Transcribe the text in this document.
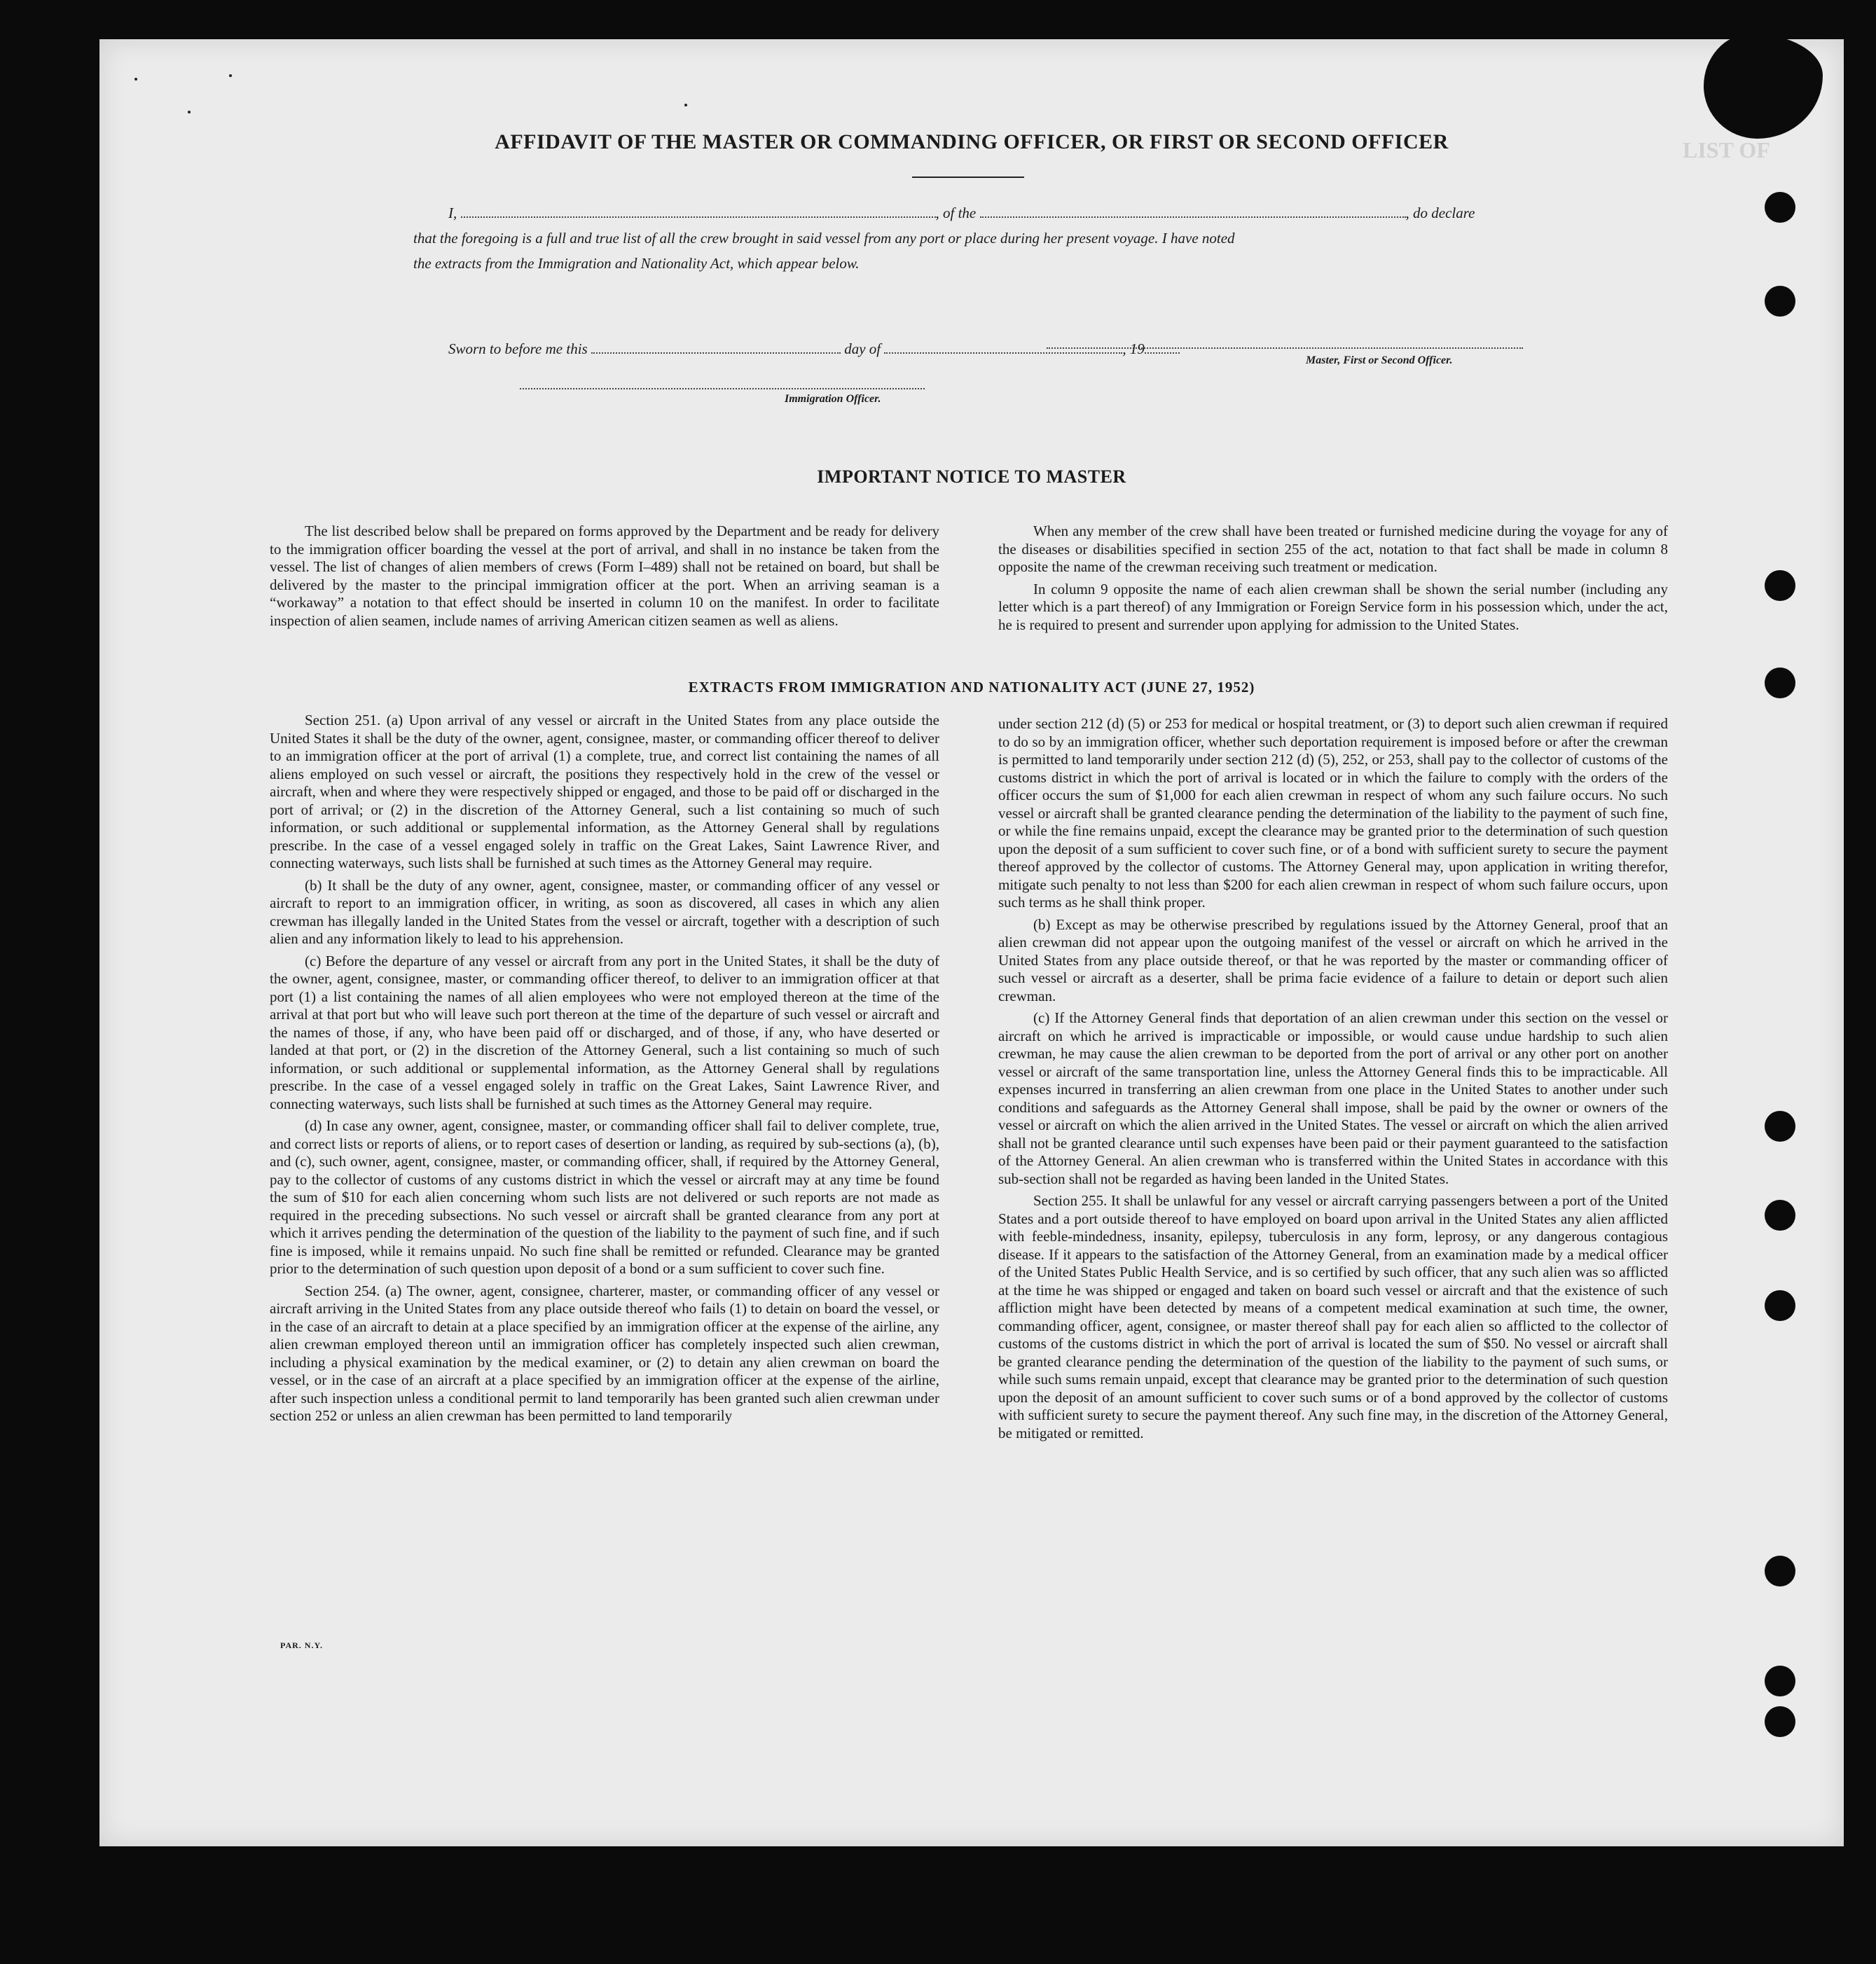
LIST OF

AFFIDAVIT OF THE MASTER OR COMMANDING OFFICER, OR FIRST OR SECOND OFFICER
I,	, of the	, do declare
that the foregoing is a full and true list of all the crew brought in said vessel from any port or place during her present voyage. I have noted
the extracts from the Immigration and Nationality Act, which appear below.
Master, First or Second Officer.
Sworn to before me this	day of	, 19
Immigration Officer.
IMPORTANT NOTICE TO MASTER

The list described below shall be prepared on forms approved by the Department and be ready for delivery to the immigration officer boarding the vessel at the port of arrival, and shall in no instance be taken from the vessel. The list of changes of alien members of crews (Form I–489) shall not be retained on board, but shall be delivered by the master to the principal immigration officer at the port. When an arriving seaman is a “workaway” a notation to that effect should be inserted in column 10 on the manifest. In order to facilitate inspection of alien seamen, include names of arriving American citizen seamen as well as aliens.

When any member of the crew shall have been treated or furnished medicine during the voyage for any of the diseases or disabilities specified in section 255 of the act, notation to that fact shall be made in column 8 opposite the name of the crewman receiving such treatment or medication.

In column 9 opposite the name of each alien crewman shall be shown the serial number (including any letter which is a part thereof) of any Immigration or Foreign Service form in his possession which, under the act, he is required to present and surrender upon applying for admission to the United States.

EXTRACTS FROM IMMIGRATION AND NATIONALITY ACT (JUNE 27, 1952)

Section 251. (a) Upon arrival of any vessel or aircraft in the United States from any place outside the United States it shall be the duty of the owner, agent, consignee, master, or commanding officer thereof to deliver to an immigration officer at the port of arrival (1) a complete, true, and correct list containing the names of all aliens employed on such vessel or aircraft, the positions they respectively hold in the crew of the vessel or aircraft, when and where they were respectively shipped or engaged, and those to be paid off or discharged in the port of arrival; or (2) in the discretion of the Attorney General, such a list containing so much of such information, or such additional or supplemental information, as the Attorney General shall by regulations prescribe. In the case of a vessel engaged solely in traffic on the Great Lakes, Saint Lawrence River, and connecting waterways, such lists shall be furnished at such times as the Attorney General may require.

(b) It shall be the duty of any owner, agent, consignee, master, or commanding officer of any vessel or aircraft to report to an immigration officer, in writing, as soon as discovered, all cases in which any alien crewman has illegally landed in the United States from the vessel or aircraft, together with a description of such alien and any information likely to lead to his apprehension.

(c) Before the departure of any vessel or aircraft from any port in the United States, it shall be the duty of the owner, agent, consignee, master, or commanding officer thereof, to deliver to an immigration officer at that port (1) a list containing the names of all alien employees who were not employed thereon at the time of the arrival at that port but who will leave such port thereon at the time of the departure of such vessel or aircraft and the names of those, if any, who have been paid off or discharged, and of those, if any, who have deserted or landed at that port, or (2) in the discretion of the Attorney General, such a list containing so much of such information, or such additional or supplemental information, as the Attorney General shall by regulations prescribe. In the case of a vessel engaged solely in traffic on the Great Lakes, Saint Lawrence River, and connecting waterways, such lists shall be furnished at such times as the Attorney General may require.

(d) In case any owner, agent, consignee, master, or commanding officer shall fail to deliver complete, true, and correct lists or reports of aliens, or to report cases of desertion or landing, as required by sub-sections (a), (b), and (c), such owner, agent, consignee, master, or commanding officer, shall, if required by the Attorney General, pay to the collector of customs of any customs district in which the vessel or aircraft may at any time be found the sum of $10 for each alien concerning whom such lists are not delivered or such reports are not made as required in the preceding subsections. No such vessel or aircraft shall be granted clearance from any port at which it arrives pending the determination of the question of the liability to the payment of such fine, and if such fine is imposed, while it remains unpaid. No such fine shall be remitted or refunded. Clearance may be granted prior to the determination of such question upon deposit of a bond or a sum sufficient to cover such fine.

Section 254. (a) The owner, agent, consignee, charterer, master, or commanding officer of any vessel or aircraft arriving in the United States from any place outside thereof who fails (1) to detain on board the vessel, or in the case of an aircraft to detain at a place specified by an immigration officer at the expense of the airline, any alien crewman employed thereon until an immigration officer has completely inspected such alien crewman, including a physical examination by the medical examiner, or (2) to detain any alien crewman on board the vessel, or in the case of an aircraft at a place specified by an immigration officer at the expense of the airline, after such inspection unless a conditional permit to land temporarily has been granted such alien crewman under section 252 or unless an alien crewman has been permitted to land temporarily

under section 212 (d) (5) or 253 for medical or hospital treatment, or (3) to deport such alien crewman if required to do so by an immigration officer, whether such deportation requirement is imposed before or after the crewman is permitted to land temporarily under section 212 (d) (5), 252, or 253, shall pay to the collector of customs of the customs district in which the port of arrival is located or in which the failure to comply with the orders of the officer occurs the sum of $1,000 for each alien crewman in respect of whom any such failure occurs. No such vessel or aircraft shall be granted clearance pending the determination of the liability to the payment of such fine, or while the fine remains unpaid, except the clearance may be granted prior to the determination of such question upon the deposit of a sum sufficient to cover such fine, or of a bond with sufficient surety to secure the payment thereof approved by the collector of customs. The Attorney General may, upon application in writing therefor, mitigate such penalty to not less than $200 for each alien crewman in respect of whom such failure occurs, upon such terms as he shall think proper.

(b) Except as may be otherwise prescribed by regulations issued by the Attorney General, proof that an alien crewman did not appear upon the outgoing manifest of the vessel or aircraft on which he arrived in the United States from any place outside thereof, or that he was reported by the master or commanding officer of such vessel or aircraft as a deserter, shall be prima facie evidence of a failure to detain or deport such alien crewman.

(c) If the Attorney General finds that deportation of an alien crewman under this section on the vessel or aircraft on which he arrived is impracticable or impossible, or would cause undue hardship to such alien crewman, he may cause the alien crewman to be deported from the port of arrival or any other port on another vessel or aircraft of the same transportation line, unless the Attorney General finds this to be impracticable. All expenses incurred in transferring an alien crewman from one place in the United States to another under such conditions and safeguards as the Attorney General shall impose, shall be paid by the owner or owners of the vessel or aircraft on which the alien arrived in the United States. The vessel or aircraft on which the alien arrived shall not be granted clearance until such expenses have been paid or their payment guaranteed to the satisfaction of the Attorney General. An alien crewman who is transferred within the United States in accordance with this sub-section shall not be regarded as having been landed in the United States.

Section 255. It shall be unlawful for any vessel or aircraft carrying passengers between a port of the United States and a port outside thereof to have employed on board upon arrival in the United States any alien afflicted with feeble-mindedness, insanity, epilepsy, tuberculosis in any form, leprosy, or any dangerous contagious disease. If it appears to the satisfaction of the Attorney General, from an examination made by a medical officer of the United States Public Health Service, and is so certified by such officer, that any such alien was so afflicted at the time he was shipped or engaged and taken on board such vessel or aircraft and that the existence of such affliction might have been detected by means of a competent medical examination at such time, the owner, commanding officer, agent, consignee, or master thereof shall pay for each alien so afflicted to the collector of customs of the customs district in which the port of arrival is located the sum of $50. No vessel or aircraft shall be granted clearance pending the determination of the question of the liability to the payment of such sums, or while such sums remain unpaid, except that clearance may be granted prior to the determination of such question upon the deposit of an amount sufficient to cover such sums or of a bond approved by the collector of customs with sufficient surety to secure the payment thereof. Any such fine may, in the discretion of the Attorney General, be mitigated or remitted.

PAR. N.Y.
